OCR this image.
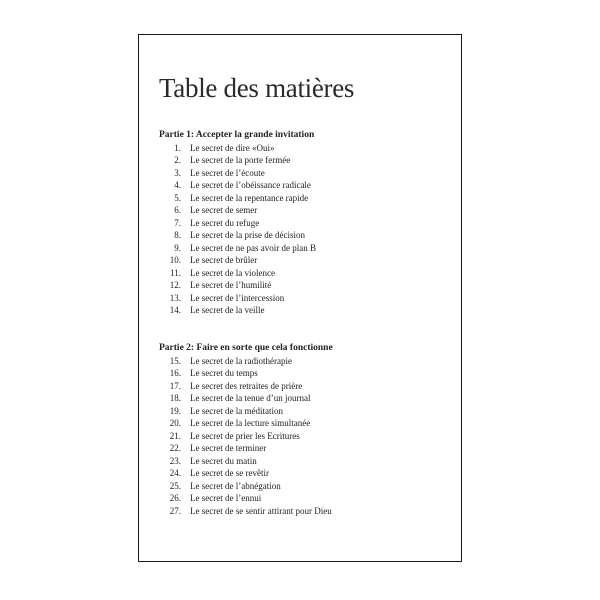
Table des matières
Partie 1: Accepter la grande invitation
1 . Le secret de dire «Oui»
2 . Le secret de la porte fermée
3 . Le secret de l’écoute
4 . Le secret de l’obéissance radicale
5 . Le secret de la repentance rapide
6 . Le secret de semer
7 . Le secret du refuge
8 . Le secret de la prise de décision
9 . Le secret de ne pas avoir de plan B
10 . Le secret de brûler
11 . Le secret de la violence
12 . Le secret de l’humilité
13 . Le secret de l’intercession
14 . Le secret de la veille
Partie 2: Faire en sorte que cela fonctionne
15 . Le secret de la radiothérapie
16 . Le secret du temps
17 . Le secret des retraites de prière
18 . Le secret de la tenue d’un journal
19 . Le secret de la méditation
20 . Le secret de la lecture simultanée
21 . Le secret de prier les Ecritures
22 . Le secret de terminer
23 . Le secret du matin
24 . Le secret de se revêtir
25 . Le secret de l’abnégation
26 . Le secret de l’ennui
27 . Le secret de se sentir attirant pour Dieu
